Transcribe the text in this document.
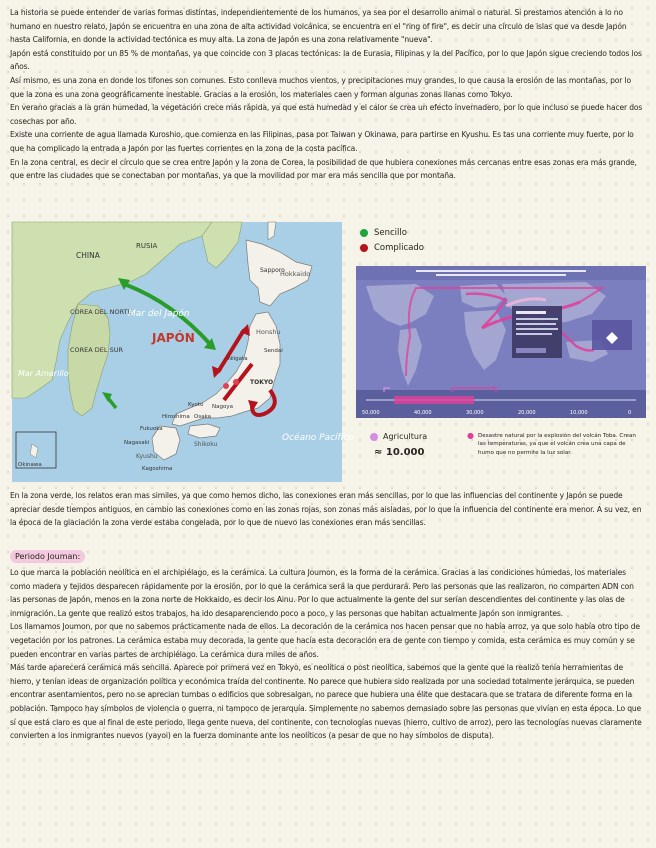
La historia se puede entender de varias formas distintas, independientemente de los humanos, ya sea por el desarrollo animal o natural. Si prestamos atención a lo no humano en nuestro relato, Japón se encuentra en una zona de alta actividad volcánica, se encuentra en el "ring of fire", es decir una círculo de islas que va desde Japón hasta California, en donde la actividad tectónica es muy alta. La zona de Japón es una zona relativamente "nueva".

Japón está constituido por un 85 % de montañas, ya que coincide con 3 placas tectónicas: la de Eurasia, Filipinas y la del Pacífico, por lo que Japón sigue creciendo todos los años.

Así mismo, es una zona en donde los tifones son comunes. Esto conlleva muchos vientos, y precipitaciones muy grandes, lo que causa la erosión de las montañas, por lo que la zona es una zona geográficamente inestable. Gracias a la erosión, los materiales caen y forman algunas zonas llanas como Tokyo.

En verano gracias a la gran humedad, la vegetación crece más rápida, ya que esta humedad y el calor se crea un efecto invernadero, por lo que incluso se puede hacer dos cosechas por año.

Existe una corriente de agua llamada Kuroshio, que comienza en las Filipinas, pasa por Taiwan y Okinawa, para partirse en Kyushu. Es tas una corriente muy fuerte, por lo que ha complicado la entrada a Japón por las fuertes corrientes en la zona de la costa pacífica.

En la zona central, es decir el círculo que se crea entre Japón y la zona de Corea, la posibilidad de que hubiera conexiones más cercanas entre esas zonas era más grande, que entre las ciudades que se conectaban por montañas, ya que la movilidad por mar era más sencilla que por montaña.

CHINA
RUSIA
COREA DEL NORTE
COREA DEL SUR
Mar del Japón
JAPÓN
Mar Amarillo
Océano Pacífico
Hokkaido
Sapporo
Honshu
TOKYO
Kyushu
Shikoku
Okinawa
Nagoya
Osaka
Sendai
Fukuoka
Niigata
Kyoto
Hiroshima
Kagoshima
Nagasaki
Sencillo
Complicado
50,000	40,000	30,000	20,000	10,000	0
Agricultura
≈ 10.000
● Desastre natural por la explosión del volcán Toba. Crean las temperaturas, ya que el volcán crea una capa de humo que no permite la luz solar.

En la zona verde, los relatos eran mas similes, ya que como hemos dicho, las conexiones eran más sencillas, por lo que las influencias del continente y Japón se puede apreciar desde tiempos antiguos, en cambio las conexiones como en las zonas rojas, son zonas más aisladas, por lo que la influencia del continente era menor. A su vez, en la época de la glaciación la zona verde estaba congelada, por lo que de nuevo las conexiones eran más sencillas.

Periodo Jouman:

Lo que marca la población neolítica en el archipiélago, es la cerámica. La cultura Joumon, es la forma de la cerámica. Gracias a las condiciones húmedas, los materiales como madera y tejidos desparecen rápidamente por la erosión, por lo que la cerámica será la que perdurará. Pero las personas que las realizaron, no comparten ADN con las personas de Japón, menos en la zona norte de Hokkaido, es decir los Ainu. Por lo que actualmente la gente del sur serían descendientes del continente y las olas de inmigración. La gente que realizó estos trabajos, ha ido desaparenciendo poco a poco, y las personas que habitan actualmente Japón son inmigrantes.

Los llamamos Joumon, por que no sabemos prácticamente nada de ellos. La decoración de la cerámica nos hacen pensar que no había arroz, ya que solo había otro tipo de vegetación por los patrones. La cerámica estaba muy decorada, la gente que hacía esta decoración era de gente con tiempo y comida, esta cerámica es muy común y se pueden encontrar en varias partes de archipiélago. La cerámica dura miles de años.

Más tarde aparecerá cerámica más sencilla. Aparece por primera vez en Tokyo, es neolítica o post neolítica, sabemos que la gente que la realizó tenía herramientas de hierro, y tenían ideas de organización política y económica traída del continente. No parece que hubiera sido realizada por una sociedad totalmente jerárquica, se pueden encontrar asentamientos, pero no se aprecian tumbas o edificios que sobresalgan, no parece que hubiera una élite que destacara que se tratara de diferente forma en la población. Tampoco hay símbolos de violencia o guerra, ni tampoco de jerarquía. Simplemente no sabemos demasiado sobre las personas que vivían en esta época. Lo que sí que está claro es que al final de este periodo, llega gente nueva, del continente, con tecnologías nuevas (hierro, cultivo de arroz), pero las tecnologías nuevas claramente convierten a los inmigrantes nuevos (yayoi) en la fuerza dominante ante los neolíticos (a pesar de que no hay símbolos de disputa).
